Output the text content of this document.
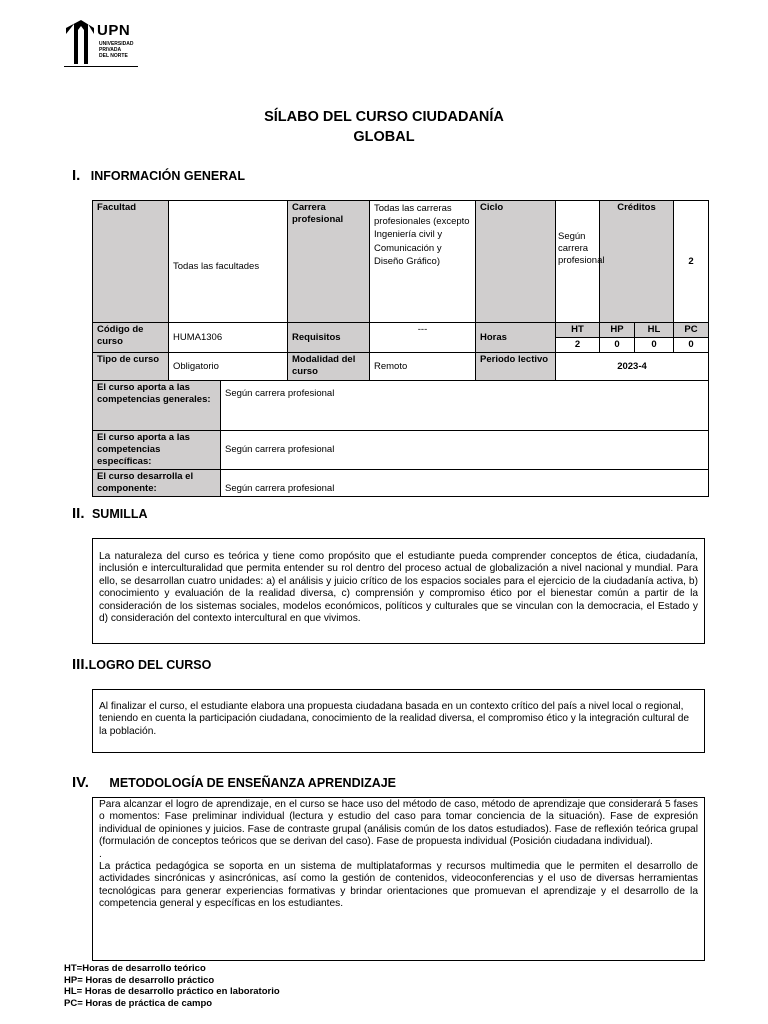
UPN
UNIVERSIDAD
PRIVADA
DEL NORTE
SÍLABO DEL CURSO CIUDADANÍA
GLOBAL
I. INFORMACIÓN GENERAL
Facultad	Todas las facultades		Carrera profesional	Todas las carreras profesionales (excepto Ingeniería civil y Comunicación y Diseño Gráfico)	Ciclo	Según carrera profesional	Créditos		2
Código de curso	HUMA1306		Requisitos	---	Horas	HT	HP	HL	PC
						2	0	0	0
Tipo de curso	Obligatorio		Modalidad del curso	Remoto	Periodo lectivo	2023-4			
El curso aporta a las competencias generales:		Según carrera profesional							
El curso aporta a las competencias específicas:		Según carrera profesional							
El curso desarrolla el componente:		Según carrera profesional							
II. SUMILLA
La naturaleza del curso es teórica y tiene como propósito que el estudiante pueda comprender conceptos de ética, ciudadanía, inclusión e interculturalidad que permita entender su rol dentro del proceso actual de globalización a nivel nacional y mundial. Para ello, se desarrollan cuatro unidades: a) el análisis y juicio crítico de los espacios sociales para el ejercicio de la ciudadanía activa, b) conocimiento y evaluación de la realidad diversa, c) comprensión y compromiso ético por el bienestar común a partir de la consideración de los sistemas sociales, modelos económicos, políticos y culturales que se vinculan con la democracia, el Estado y d) consideración del contexto intercultural en que vivimos.
III.LOGRO DEL CURSO
Al finalizar el curso, el estudiante elabora una propuesta ciudadana basada en un contexto crítico del país a nivel local o regional, teniendo en cuenta la participación ciudadana, conocimiento de la realidad diversa, el compromiso ético y la integración cultural de la población.
IV. METODOLOGÍA DE ENSEÑANZA APRENDIZAJE
Para alcanzar el logro de aprendizaje, en el curso se hace uso del método de caso, método de aprendizaje que considerará 5 fases o momentos: Fase preliminar individual (lectura y estudio del caso para tomar conciencia de la situación). Fase de expresión individual de opiniones y juicios. Fase de contraste grupal (análisis común de los datos estudiados). Fase de reflexión teórica grupal (formulación de conceptos teóricos que se derivan del caso). Fase de propuesta individual (Posición ciudadana individual).
.
La práctica pedagógica se soporta en un sistema de multiplataformas y recursos multimedia que le permiten el desarrollo de actividades sincrónicas y asincrónicas, así como la gestión de contenidos, videoconferencias y el uso de diversas herramientas tecnológicas para generar experiencias formativas y brindar orientaciones que promuevan el aprendizaje y el desarrollo de la competencia general y específicas en los estudiantes.
HT=Horas de desarrollo teórico
HP= Horas de desarrollo práctico
HL= Horas de desarrollo práctico en laboratorio
PC= Horas de práctica de campo
